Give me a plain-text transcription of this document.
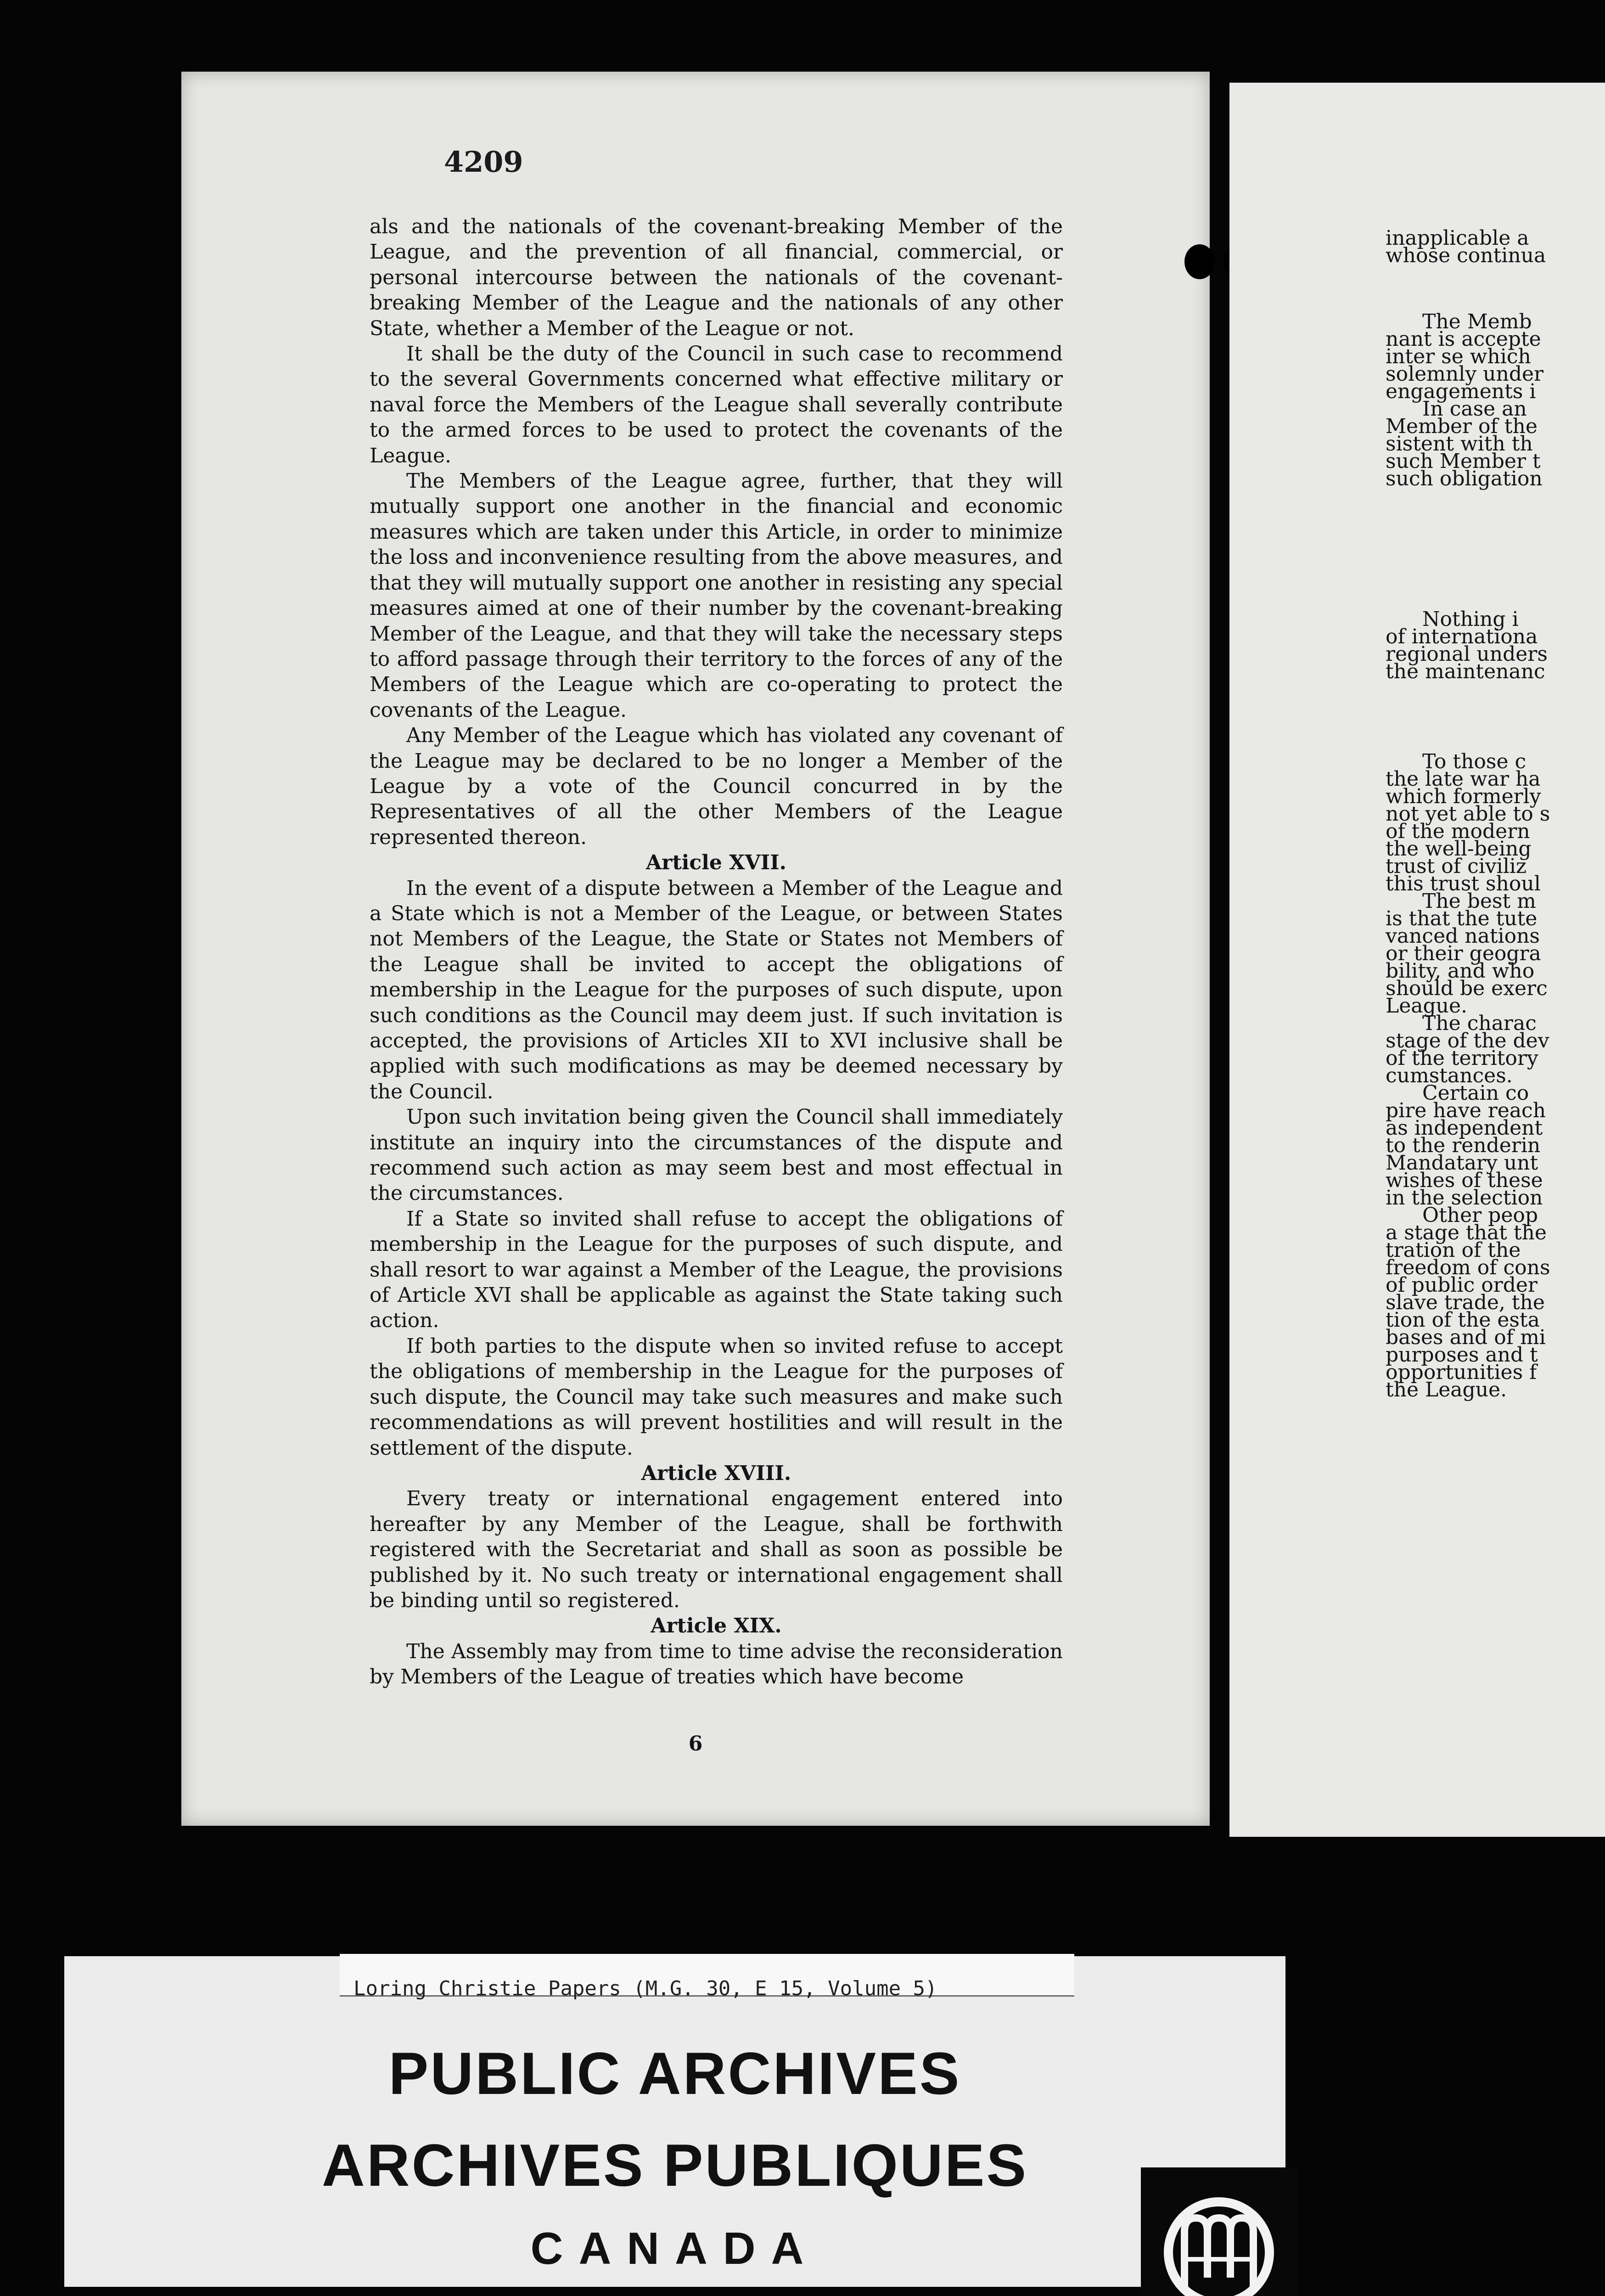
4209

als and the nationals of the covenant-breaking Member of the League, and the prevention of all financial, commercial, or personal intercourse between the nationals of the covenant-breaking Member of the League and the nationals of any other State, whether a Member of the League or not.

It shall be the duty of the Council in such case to recommend to the several Governments concerned what effective military or naval force the Members of the League shall severally contribute to the armed forces to be used to protect the covenants of the League.

The Members of the League agree, further, that they will mutually support one another in the financial and economic measures which are taken under this Article, in order to minimize the loss and inconvenience resulting from the above measures, and that they will mutually support one another in resisting any special measures aimed at one of their number by the covenant-breaking Member of the League, and that they will take the necessary steps to afford passage through their territory to the forces of any of the Members of the League which are co-operating to protect the covenants of the League.

Any Member of the League which has violated any covenant of the League may be declared to be no longer a Member of the League by a vote of the Council concurred in by the Representatives of all the other Members of the League represented thereon.

Article XVII.

In the event of a dispute between a Member of the League and a State which is not a Member of the League, or between States not Members of the League, the State or States not Members of the League shall be invited to accept the obligations of membership in the League for the purposes of such dispute, upon such conditions as the Council may deem just. If such invitation is accepted, the provisions of Articles XII to XVI inclusive shall be applied with such modifications as may be deemed necessary by the Council.

Upon such invitation being given the Council shall immediately institute an inquiry into the circumstances of the dispute and recommend such action as may seem best and most effectual in the circumstances.

If a State so invited shall refuse to accept the obligations of membership in the League for the purposes of such dispute, and shall resort to war against a Member of the League, the provisions of Article XVI shall be applicable as against the State taking such action.

If both parties to the dispute when so invited refuse to accept the obligations of membership in the League for the purposes of such dispute, the Council may take such measures and make such recommendations as will prevent hostilities and will result in the settlement of the dispute.

Article XVIII.

Every treaty or international engagement entered into hereafter by any Member of the League, shall be forthwith registered with the Secretariat and shall as soon as possible be published by it. No such treaty or international engagement shall be binding until so registered.

Article XIX.

The Assembly may from time to time advise the reconsideration by Members of the League of treaties which have become

6
inapplicable a
whose continua
The Memb
nant is accepte
inter se which
solemnly under
engagements i
In case an
Member of the
sistent with th
such Member t
such obligation
Nothing i
of internationa
regional unders
the maintenanc
To those c
the late war ha
which formerly
not yet able to s
of the modern
the well-being
trust of civiliz
this trust shoul
The best m
is that the tute
vanced nations
or their geogra
bility, and who
should be exerc
League.
The charac
stage of the dev
of the territory
cumstances.
Certain co
pire have reach
as independent
to the renderin
Mandatary unt
wishes of these
in the selection
Other peop
a stage that the
tration of the
freedom of cons
of public order
slave trade, the
tion of the esta
bases and of mi
purposes and t
opportunities f
the League.
Loring Christie Papers (M.G. 30, E 15, Volume 5)
PUBLIC ARCHIVES
ARCHIVES PUBLIQUES
CANADA
